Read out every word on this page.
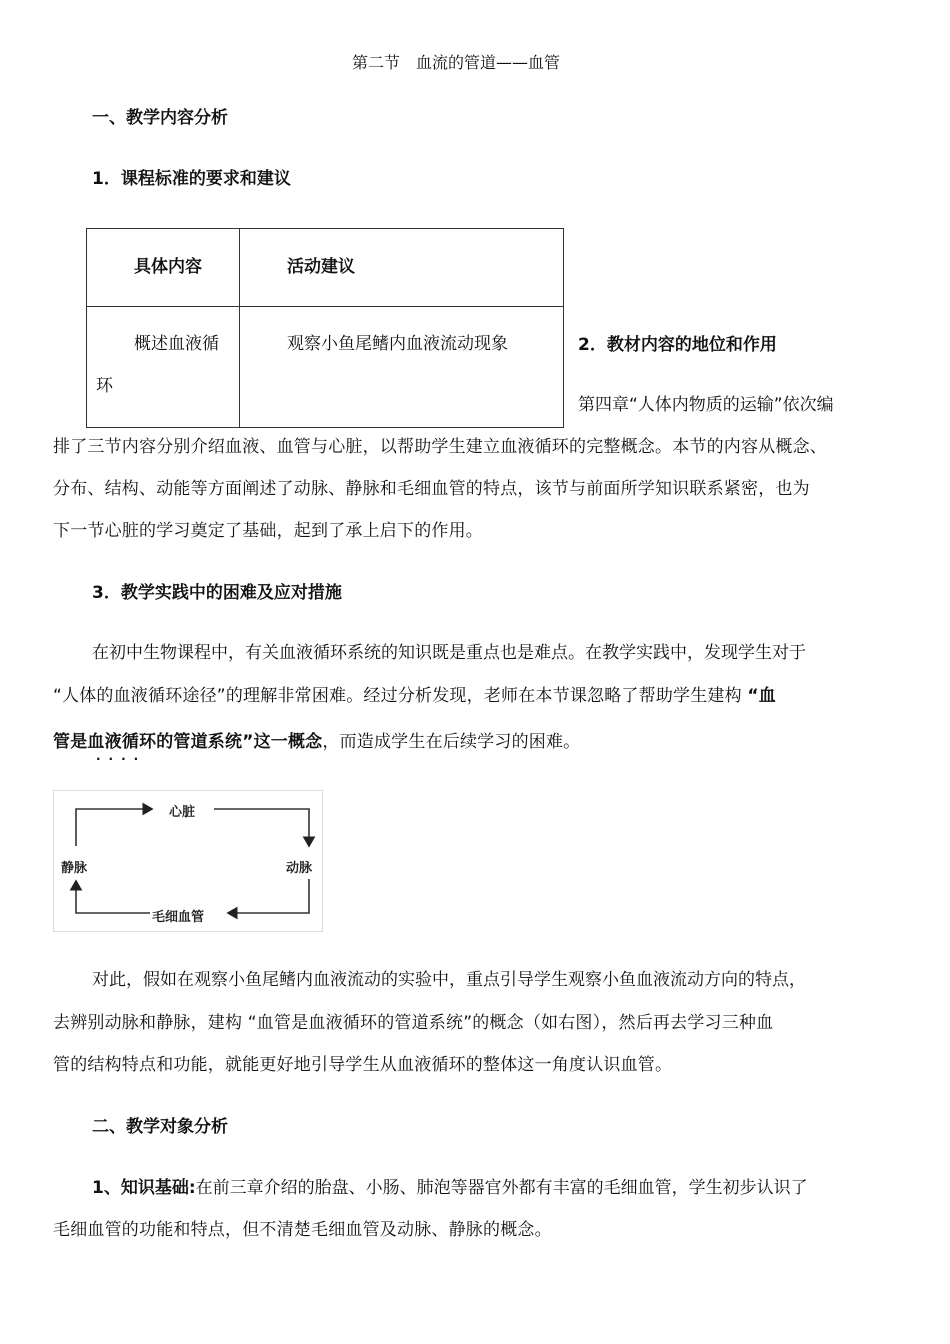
第二节　血流的管道——血管
一、教学内容分析
1．课程标准的要求和建议
具体内容	活动建议

概述血液循
环	观察小鱼尾鳍内血液流动现象	2．教材内容的地位和作用
第四章“人体内物质的运输”依次编
排了三节内容分别介绍血液、血管与心脏，以帮助学生建立血液循环的完整概念。本节的内容从概念、
分布、结构、动能等方面阐述了动脉、静脉和毛细血管的特点，该节与前面所学知识联系紧密，也为
下一节心脏的学习奠定了基础，起到了承上启下的作用。
3．教学实践中的困难及应对措施
在初中生物课程中，有关血液循环系统的知识既是重点也是难点。在教学实践中，发现学生对于
“人体的血液循环途径”的理解非常困难。经过分析发现，老师在本节课忽略了帮助学生建构 “血
管是血液循环的管道系统”这一概念，而造成学生在后续学习的困难。
····
心脏
静脉	动脉
毛细血管
对此，假如在观察小鱼尾鳍内血液流动的实验中，重点引导学生观察小鱼血液流动方向的特点，
去辨别动脉和静脉，建构 “血管是血液循环的管道系统”的概念（如右图），然后再去学习三种血
管的结构特点和功能，就能更好地引导学生从血液循环的整体这一角度认识血管。
二、教学对象分析
1、知识基础:在前三章介绍的胎盘、小肠、肺泡等器官外都有丰富的毛细血管，学生初步认识了
毛细血管的功能和特点，但不清楚毛细血管及动脉、静脉的概念。
